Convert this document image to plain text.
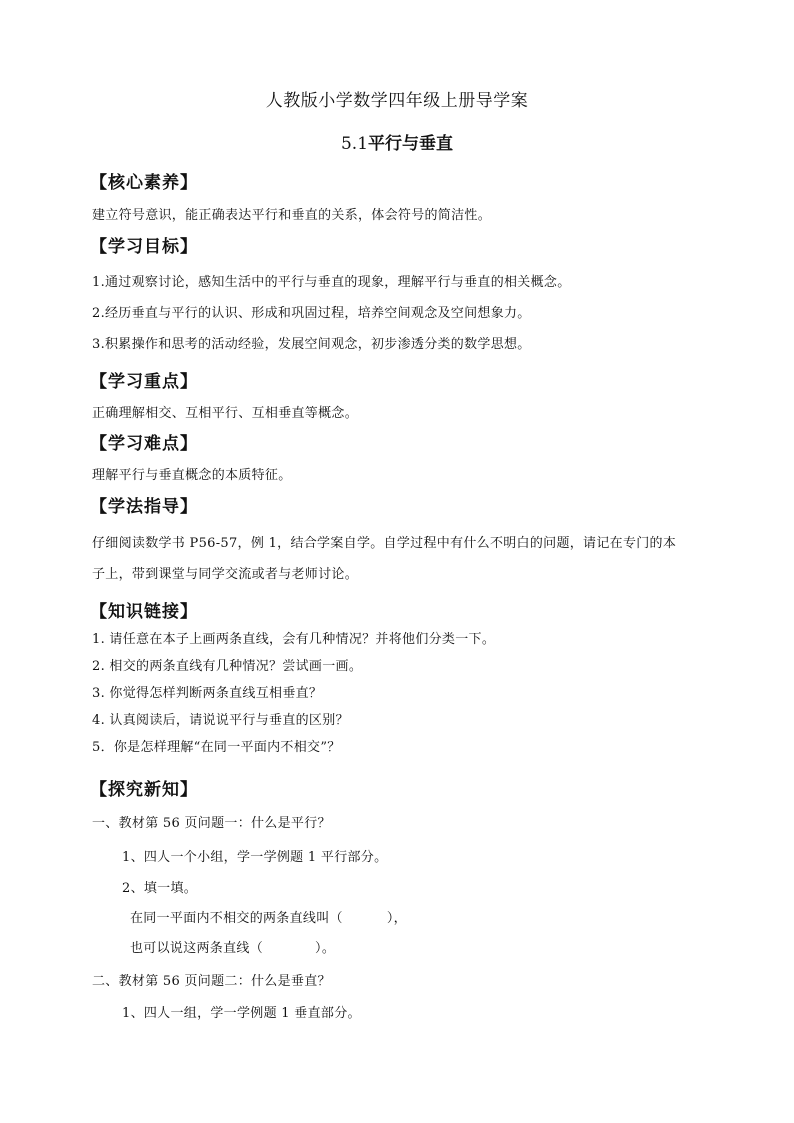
人教版小学数学四年级上册导学案
5.1平行与垂直
【核心素养】
建立符号意识，能正确表达平行和垂直的关系，体会符号的简洁性。
【学习目标】
1.通过观察讨论，感知生活中的平行与垂直的现象，理解平行与垂直的相关概念。
2.经历垂直与平行的认识、形成和巩固过程，培养空间观念及空间想象力。
3.积累操作和思考的活动经验，发展空间观念，初步渗透分类的数学思想。
【学习重点】
正确理解相交、互相平行、互相垂直等概念。
【学习难点】
理解平行与垂直概念的本质特征。
【学法指导】
仔细阅读数学书 P56-57，例 1，结合学案自学。自学过程中有什么不明白的问题，请记在专门的本
子上，带到课堂与同学交流或者与老师讨论。
【知识链接】
1. 请任意在本子上画两条直线，会有几种情况？并将他们分类一下。
2. 相交的两条直线有几种情况？尝试画一画。
3. 你觉得怎样判断两条直线互相垂直？
4. 认真阅读后，请说说平行与垂直的区别？
5．你是怎样理解“在同一平面内不相交”？
【探究新知】
一、教材第 56 页问题一：什么是平行？
1、四人一个小组，学一学例题 1 平行部分。
2、填一填。
在同一平面内不相交的两条直线叫（	），
也可以说这两条直线（	）。
二、教材第 56 页问题二：什么是垂直？
1、四人一组，学一学例题 1 垂直部分。
